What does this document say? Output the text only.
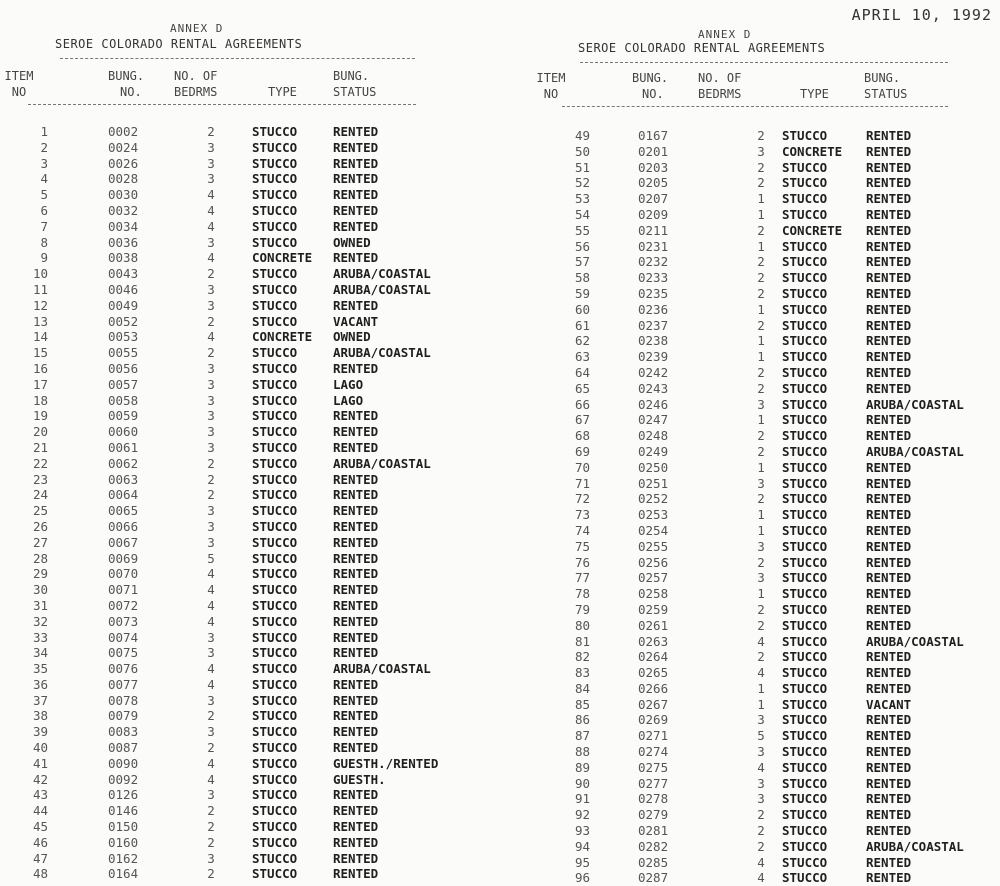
APRIL 10, 1992
ANNEX D
SEROE COLORADO RENTAL AGREEMENTS
ITEM
NO
BUNG.
NO.
NO. OF
BEDRMS	TYPE
BUNG.
STATUS
1	0002	2	STUCCO	RENTED
2	0024	3	STUCCO	RENTED
3	0026	3	STUCCO	RENTED
4	0028	3	STUCCO	RENTED
5	0030	4	STUCCO	RENTED
6	0032	4	STUCCO	RENTED
7	0034	4	STUCCO	RENTED
8	0036	3	STUCCO	OWNED
9	0038	4	CONCRETE	RENTED
10	0043	2	STUCCO	ARUBA/COASTAL
11	0046	3	STUCCO	ARUBA/COASTAL
12	0049	3	STUCCO	RENTED
13	0052	2	STUCCO	VACANT
14	0053	4	CONCRETE	OWNED
15	0055	2	STUCCO	ARUBA/COASTAL
16	0056	3	STUCCO	RENTED
17	0057	3	STUCCO	LAGO
18	0058	3	STUCCO	LAGO
19	0059	3	STUCCO	RENTED
20	0060	3	STUCCO	RENTED
21	0061	3	STUCCO	RENTED
22	0062	2	STUCCO	ARUBA/COASTAL
23	0063	2	STUCCO	RENTED
24	0064	2	STUCCO	RENTED
25	0065	3	STUCCO	RENTED
26	0066	3	STUCCO	RENTED
27	0067	3	STUCCO	RENTED
28	0069	5	STUCCO	RENTED
29	0070	4	STUCCO	RENTED
30	0071	4	STUCCO	RENTED
31	0072	4	STUCCO	RENTED
32	0073	4	STUCCO	RENTED
33	0074	3	STUCCO	RENTED
34	0075	3	STUCCO	RENTED
35	0076	4	STUCCO	ARUBA/COASTAL
36	0077	4	STUCCO	RENTED
37	0078	3	STUCCO	RENTED
38	0079	2	STUCCO	RENTED
39	0083	3	STUCCO	RENTED
40	0087	2	STUCCO	RENTED
41	0090	4	STUCCO	GUESTH./RENTED
42	0092	4	STUCCO	GUESTH.
43	0126	3	STUCCO	RENTED
44	0146	2	STUCCO	RENTED
45	0150	2	STUCCO	RENTED
46	0160	2	STUCCO	RENTED
47	0162	3	STUCCO	RENTED
48	0164	2	STUCCO	RENTED
ANNEX D
SEROE COLORADO RENTAL AGREEMENTS
ITEM
NO
BUNG.
NO.
NO. OF
BEDRMS	TYPE
BUNG.
STATUS
49	0167	2	STUCCO	RENTED
50	0201	3	CONCRETE	RENTED
51	0203	2	STUCCO	RENTED
52	0205	2	STUCCO	RENTED
53	0207	1	STUCCO	RENTED
54	0209	1	STUCCO	RENTED
55	0211	2	CONCRETE	RENTED
56	0231	1	STUCCO	RENTED
57	0232	2	STUCCO	RENTED
58	0233	2	STUCCO	RENTED
59	0235	2	STUCCO	RENTED
60	0236	1	STUCCO	RENTED
61	0237	2	STUCCO	RENTED
62	0238	1	STUCCO	RENTED
63	0239	1	STUCCO	RENTED
64	0242	2	STUCCO	RENTED
65	0243	2	STUCCO	RENTED
66	0246	3	STUCCO	ARUBA/COASTAL
67	0247	1	STUCCO	RENTED
68	0248	2	STUCCO	RENTED
69	0249	2	STUCCO	ARUBA/COASTAL
70	0250	1	STUCCO	RENTED
71	0251	3	STUCCO	RENTED
72	0252	2	STUCCO	RENTED
73	0253	1	STUCCO	RENTED
74	0254	1	STUCCO	RENTED
75	0255	3	STUCCO	RENTED
76	0256	2	STUCCO	RENTED
77	0257	3	STUCCO	RENTED
78	0258	1	STUCCO	RENTED
79	0259	2	STUCCO	RENTED
80	0261	2	STUCCO	RENTED
81	0263	4	STUCCO	ARUBA/COASTAL
82	0264	2	STUCCO	RENTED
83	0265	4	STUCCO	RENTED
84	0266	1	STUCCO	RENTED
85	0267	1	STUCCO	VACANT
86	0269	3	STUCCO	RENTED
87	0271	5	STUCCO	RENTED
88	0274	3	STUCCO	RENTED
89	0275	4	STUCCO	RENTED
90	0277	3	STUCCO	RENTED
91	0278	3	STUCCO	RENTED
92	0279	2	STUCCO	RENTED
93	0281	2	STUCCO	RENTED
94	0282	2	STUCCO	ARUBA/COASTAL
95	0285	4	STUCCO	RENTED
96	0287	4	STUCCO	RENTED
